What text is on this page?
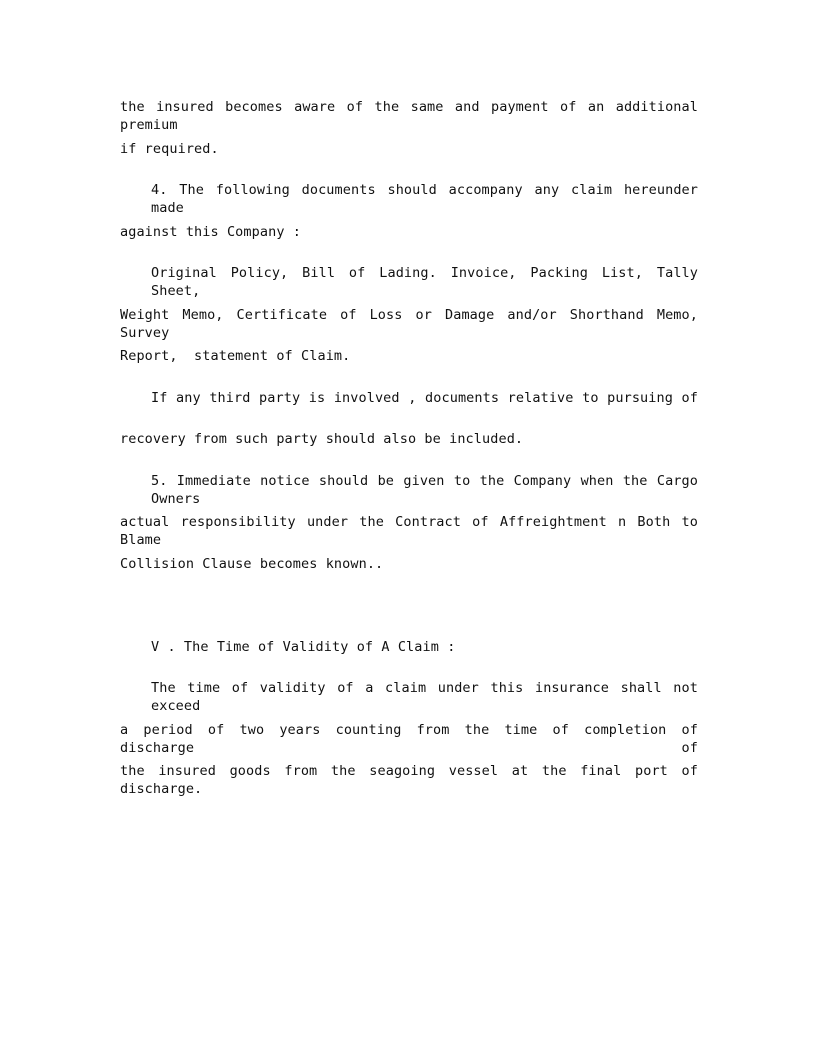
the insured becomes aware of the same and payment of an additional premium
if required.
4. The following documents should accompany any claim hereunder made
against this Company :
Original Policy, Bill of Lading. Invoice, Packing List, Tally Sheet,
Weight Memo, Certificate of Loss or Damage and/or Shorthand Memo, Survey
Report,  statement of Claim.
If any third party is involved , documents relative to pursuing of
recovery from such party should also be included.
5. Immediate notice should be given to the Company when the Cargo Owners
actual responsibility under the Contract of Affreightment n Both to Blame
Collision Clause becomes known..
V . The Time of Validity of A Claim :
The time of validity of a claim under this insurance shall not exceed
a period of two years counting from the time of completion of discharge of
the insured goods from the seagoing vessel at the final port of discharge.
